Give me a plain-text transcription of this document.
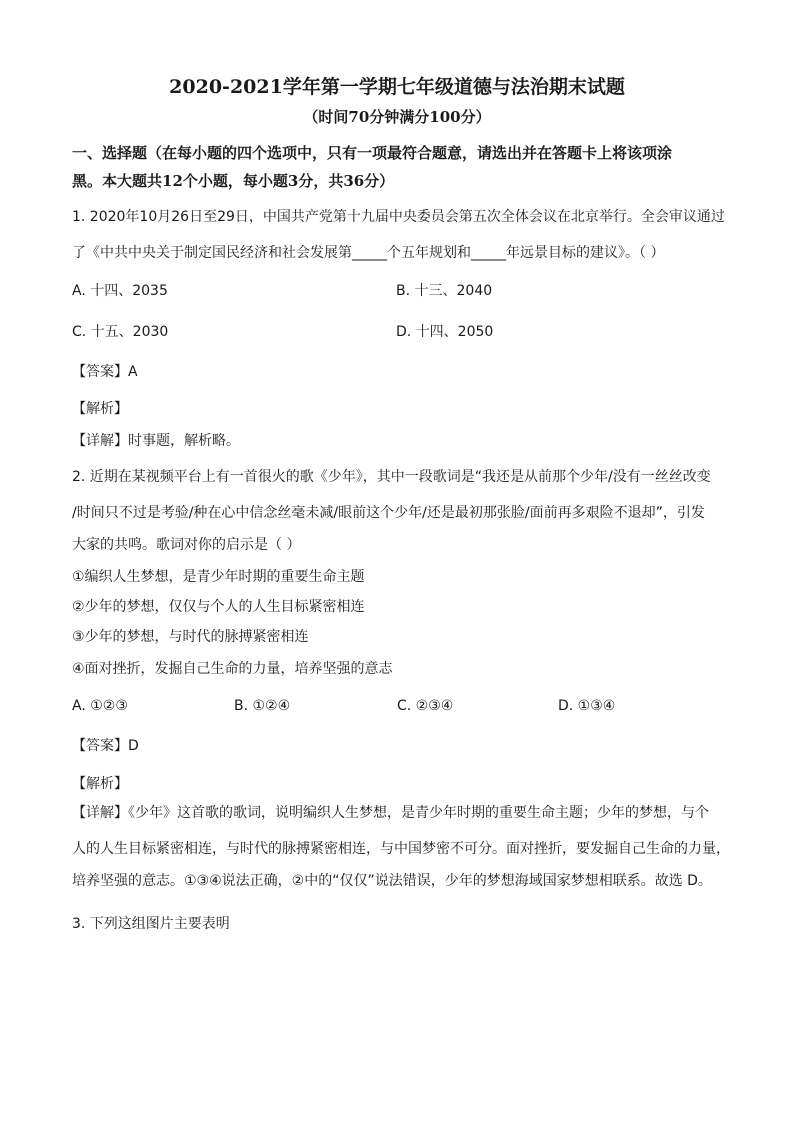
2020-2021学年第一学期七年级道德与法治期末试题
（时间70分钟满分100分）
一、选择题（在每小题的四个选项中，只有一项最符合题意，请选出并在答题卡上将该项涂
黑。本大题共12个小题，每小题3分，共36分）
1. 2020年10月26日至29日，中国共产党第十九届中央委员会第五次全体会议在北京举行。全会审议通过
了《中共中央关于制定国民经济和社会发展第_____个五年规划和_____年远景目标的建议》。（ ）
A. 十四、2035	B. 十三、2040
C. 十五、2030	D. 十四、2050
【答案】A
【解析】
【详解】时事题，解析略。
2. 近期在某视频平台上有一首很火的歌《少年》，其中一段歌词是“我还是从前那个少年/没有一丝丝改变
/时间只不过是考验/种在心中信念丝毫未减/眼前这个少年/还是最初那张脸/面前再多艰险不退却”，引发
大家的共鸣。歌词对你的启示是（ ）
①编织人生梦想，是青少年时期的重要生命主题
②少年的梦想，仅仅与个人的人生目标紧密相连
③少年的梦想，与时代的脉搏紧密相连
④面对挫折，发掘自己生命的力量，培养坚强的意志
A. ①②③	B. ①②④	C. ②③④	D. ①③④
【答案】D
【解析】
【详解】《少年》这首歌的歌词，说明编织人生梦想，是青少年时期的重要生命主题；少年的梦想，与个
人的人生目标紧密相连，与时代的脉搏紧密相连，与中国梦密不可分。面对挫折，要发掘自己生命的力量，
培养坚强的意志。①③④说法正确，②中的“仅仅”说法错误，少年的梦想海域国家梦想相联系。故选 D。
3. 下列这组图片主要表明
